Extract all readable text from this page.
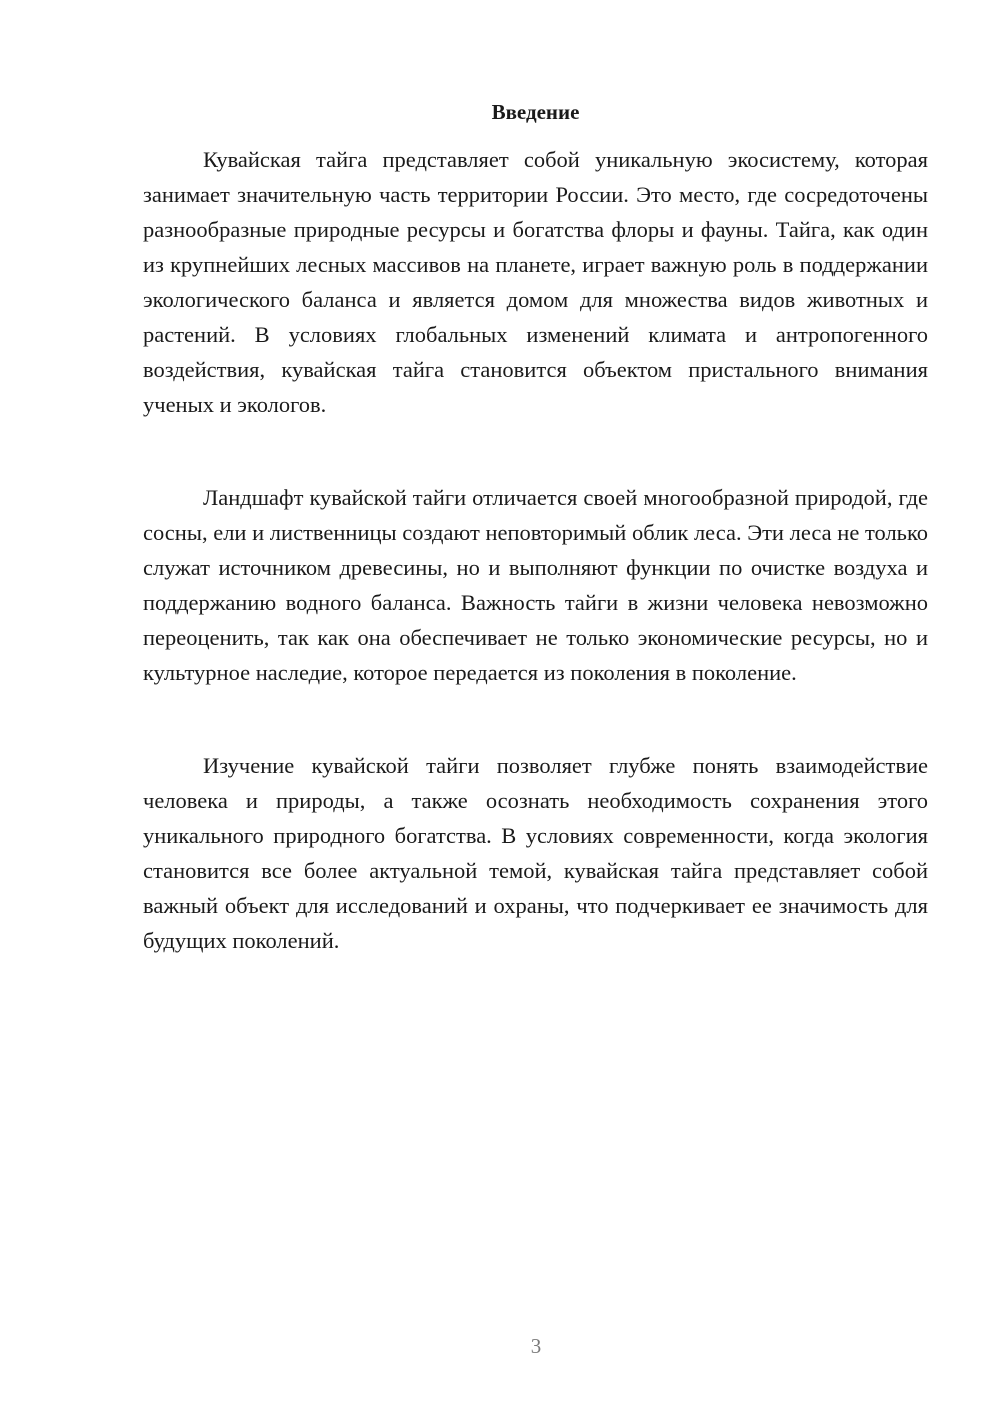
Введение

Кувайская тайга представляет собой уникальную экосистему, которая занимает значительную часть территории России. Это место, где сосредоточены разнообразные природные ресурсы и богатства флоры и фауны. Тайга, как один из крупнейших лесных массивов на планете, играет важную роль в поддержании экологического баланса и является домом для множества видов животных и растений. В условиях глобальных изменений климата и антропогенного воздействия, кувайская тайга становится объектом пристального внимания ученых и экологов.

Ландшафт кувайской тайги отличается своей многообразной природой, где сосны, ели и лиственницы создают неповторимый облик леса. Эти леса не только служат источником древесины, но и выполняют функции по очистке воздуха и поддержанию водного баланса. Важность тайги в жизни человека невозможно переоценить, так как она обеспечивает не только экономические ресурсы, но и культурное наследие, которое передается из поколения в поколение.

Изучение кувайской тайги позволяет глубже понять взаимодействие человека и природы, а также осознать необходимость сохранения этого уникального природного богатства. В условиях современности, когда экология становится все более актуальной темой, кувайская тайга представляет собой важный объект для исследований и охраны, что подчеркивает ее значимость для будущих поколений.

3
